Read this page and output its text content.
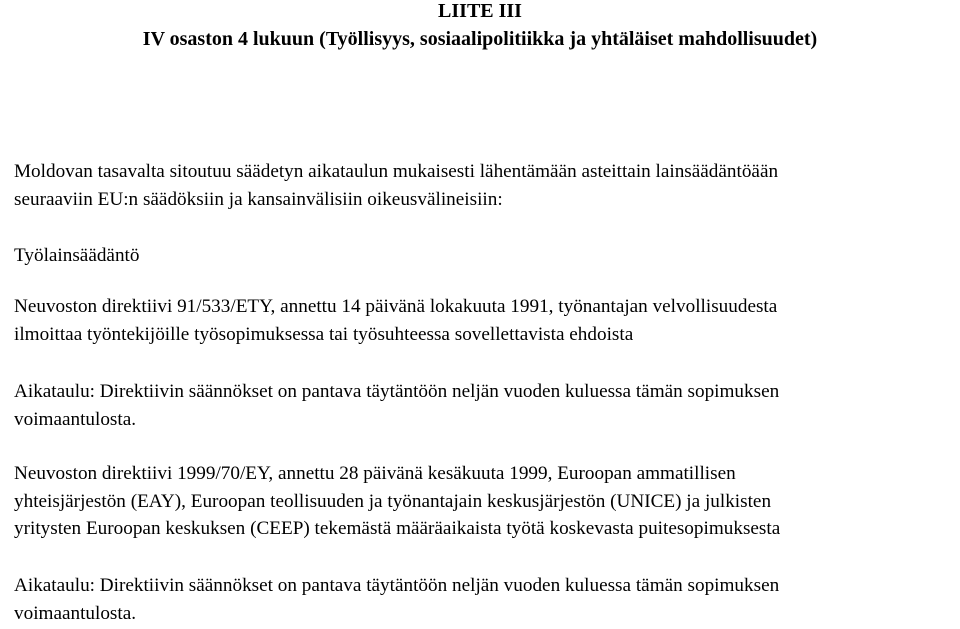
LIITE III
IV osaston 4 lukuun (Työllisyys, sosiaalipolitiikka ja yhtäläiset mahdollisuudet)

Moldovan tasavalta sitoutuu säädetyn aikataulun mukaisesti lähentämään asteittain lainsäädäntöään
seuraaviin EU:n säädöksiin ja kansainvälisiin oikeusvälineisiin:

Työlainsäädäntö

Neuvoston direktiivi 91/533/ETY, annettu 14 päivänä lokakuuta 1991, työnantajan velvollisuudesta
ilmoittaa työntekijöille työsopimuksessa tai työsuhteessa sovellettavista ehdoista

Aikataulu: Direktiivin säännökset on pantava täytäntöön neljän vuoden kuluessa tämän sopimuksen
voimaantulosta.

Neuvoston direktiivi 1999/70/EY, annettu 28 päivänä kesäkuuta 1999, Euroopan ammatillisen
yhteisjärjestön (EAY), Euroopan teollisuuden ja työnantajain keskusjärjestön (UNICE) ja julkisten
yritysten Euroopan keskuksen (CEEP) tekemästä määräaikaista työtä koskevasta puitesopimuksesta

Aikataulu: Direktiivin säännökset on pantava täytäntöön neljän vuoden kuluessa tämän sopimuksen
voimaantulosta.
